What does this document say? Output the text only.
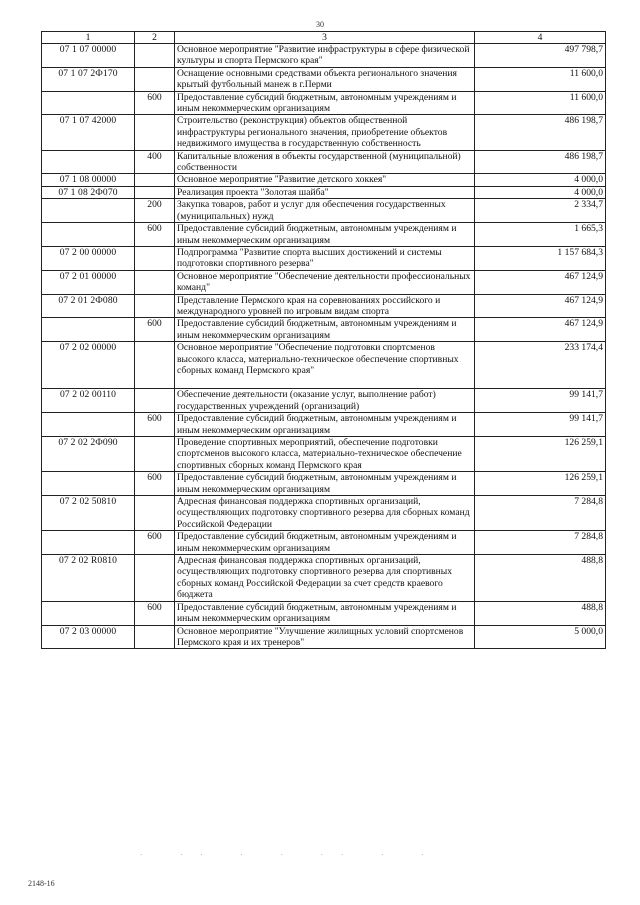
30
1	2	3	4
07 1 07 00000		Основное мероприятие "Развитие инфраструктуры в сфере физической культуры и спорта Пермского края"	497 798,7
07 1 07 2Ф170		Оснащение основными средствами объекта регионального значения крытый футбольный манеж в г.Перми	11 600,0
	600	Предоставление субсидий бюджетным, автономным учреждениям и иным некоммерческим организациям	11 600,0
07 1 07 42000		Строительство (реконструкция) объектов общественной инфраструктуры регионального значения, приобретение объектов недвижимого имущества в государственную собственность	486 198,7
	400	Капитальные вложения в объекты государственной (муниципальной) собственности	486 198,7
07 1 08 00000		Основное мероприятие "Развитие детского хоккея"	4 000,0
07 1 08 2Ф070		Реализация проекта "Золотая шайба"	4 000,0
	200	Закупка товаров, работ и услуг для обеспечения государственных (муниципальных) нужд	2 334,7
	600	Предоставление субсидий бюджетным, автономным учреждениям и иным некоммерческим организациям	1 665,3
07 2 00 00000		Подпрограмма "Развитие спорта высших достижений и системы подготовки спортивного резерва"	1 157 684,3
07 2 01 00000		Основное мероприятие "Обеспечение деятельности профессиональных команд"	467 124,9
07 2 01 2Ф080		Представление Пермского края на соревнованиях российского и международного уровней по игровым видам спорта	467 124,9
	600	Предоставление субсидий бюджетным, автономным учреждениям и иным некоммерческим организациям	467 124,9
07 2 02 00000		Основное мероприятие "Обеспечение подготовки спортсменов высокого класса, материально-техническое обеспечение спортивных сборных команд Пермского края"	233 174,4
07 2 02 00110		Обеспечение деятельности (оказание услуг, выполнение работ) государственных учреждений (организаций)	99 141,7
	600	Предоставление субсидий бюджетным, автономным учреждениям и иным некоммерческим организациям	99 141,7
07 2 02 2Ф090		Проведение спортивных мероприятий, обеспечение подготовки спортсменов высокого класса, материально-техническое обеспечение спортивных сборных команд Пермского края	126 259,1
	600	Предоставление субсидий бюджетным, автономным учреждениям и иным некоммерческим организациям	126 259,1
07 2 02 50810		Адресная финансовая поддержка спортивных организаций, осуществляющих подготовку спортивного резерва для сборных команд Российской Федерации	7 284,8
	600	Предоставление субсидий бюджетным, автономным учреждениям и иным некоммерческим организациям	7 284,8
07 2 02 R0810		Адресная финансовая поддержка спортивных организаций, осуществляющих подготовку спортивного резерва для спортивных сборных команд Российской Федерации за счет средств краевого бюджета	488,8
	600	Предоставление субсидий бюджетным, автономным учреждениям и иным некоммерческим организациям	488,8
07 2 03 00000		Основное мероприятие "Улучшение жилищных условий спортсменов Пермского края и их тренеров"	5 000,0
· ·· · · ·· · ·
2148-16
